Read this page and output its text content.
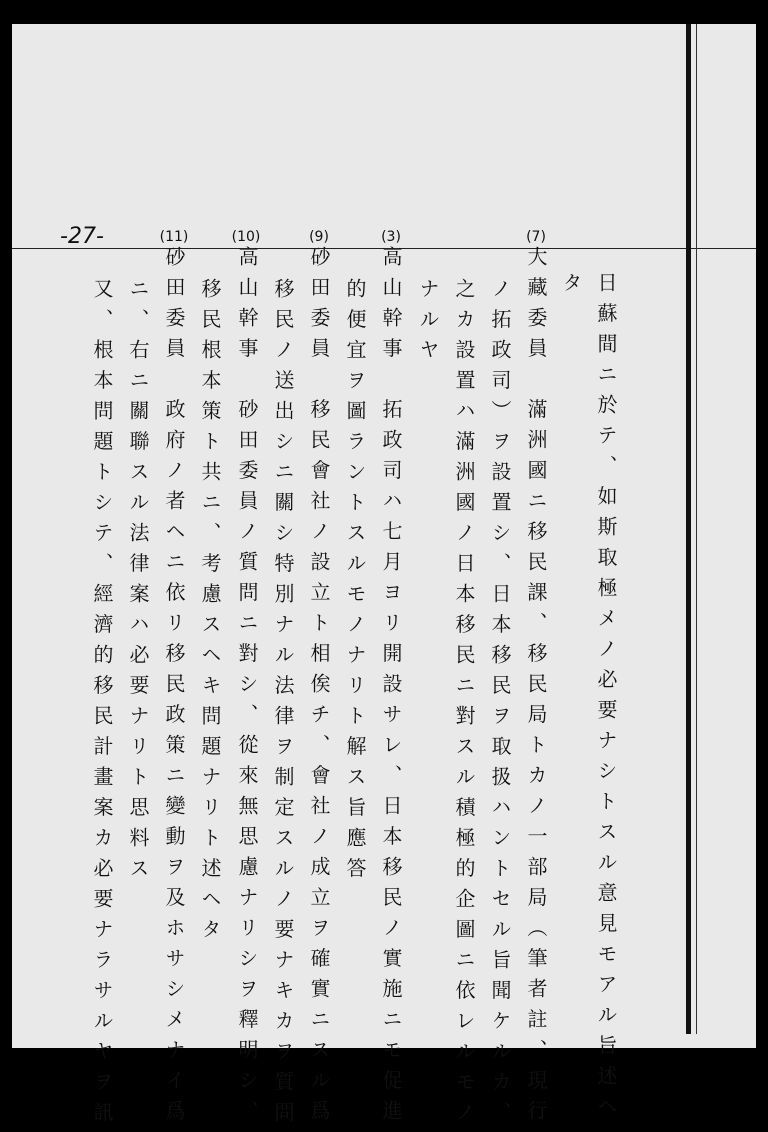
-27-	(7)
(3)
(9)
(10)
(11)
日蘇間ニ於テ、如斯取極メノ必要ナシトスル意見モアル旨述ヘ
タ
大藏委員　滿洲國ニ移民課、移民局トカノ一部局（筆者註、現行
ノ拓政司）ヲ設置シ、日本移民ヲ取扱ハントセル旨聞ケルカ、
之カ設置ハ滿洲國ノ日本移民ニ對スル積極的企圖ニ依レルモノ
ナルヤ
高山幹事　拓政司ハ七月ヨリ開設サレ、日本移民ノ實施ニモ促進
的便宜ヲ圖ラントスルモノナリト解ス旨應答
砂田委員　移民會社ノ設立ト相俟チ、會社ノ成立ヲ確實ニスル爲
移民ノ送出シニ關シ特別ナル法律ヲ制定スルノ要ナキカヲ質問
高山幹事　砂田委員ノ質問ニ對シ、從來無思慮ナリシヲ釋明シ、
移民根本策ト共ニ、考慮スヘキ問題ナリト述ヘタ
砂田委員　政府ノ者ヘニ依リ移民政策ニ變動ヲ及ホサシメナイ爲
ニ、右ニ關聯スル法律案ハ必要ナリト思料ス
又、根本問題トシテ、經濟的移民計畫案カ必要ナラサルヤヲ訊
